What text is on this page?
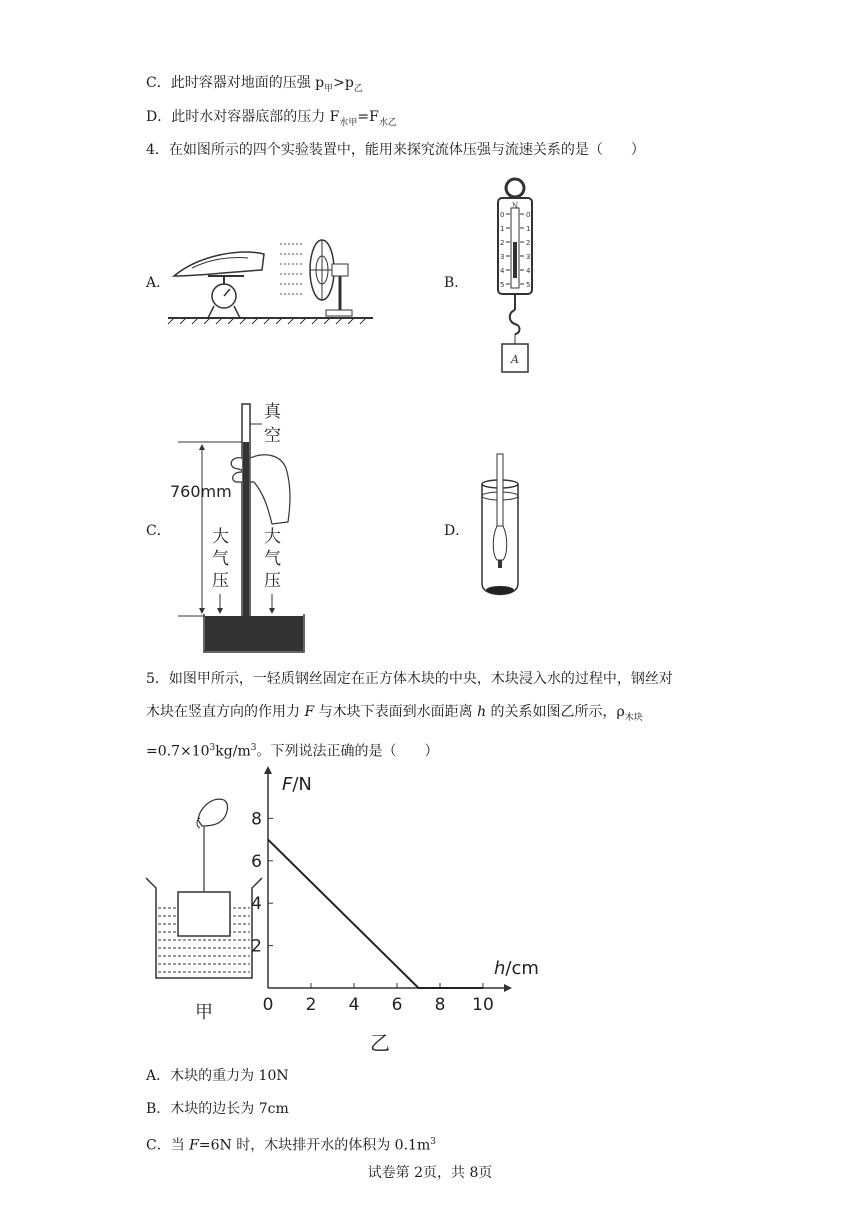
C．此时容器对地面的压强 $p_甲>p_乙$
D．此时水对容器底部的压力 $F_{水甲}=F_{水乙}$
4．在如图所示的四个实验装置中，能用来探究流体压强与流速关系的是（　　）
A．	B．
N
0	0
1	1
2	2
3	3
4	4
5	5
A
C．
760mm
真
空
大
气
压
大
气
压
D．
5．如图甲所示，一轻质钢丝固定在正方体木块的中央，木块浸入水的过程中，钢丝对
木块在竖直方向的作用力 F 与木块下表面到水面距离 h 的关系如图乙所示，$\rho_{木块}$
$=0.7\times 10^3kg/m^3$。下列说法正确的是（　　）
甲	0 2 4 6 8 10
2
4
6
8
F/N
h/cm
乙
A．木块的重力为 10N
B．木块的边长为 7cm
C．当 F=6N 时，木块排开水的体积为 $0.1m^3$
试卷第 2页，共 8页
